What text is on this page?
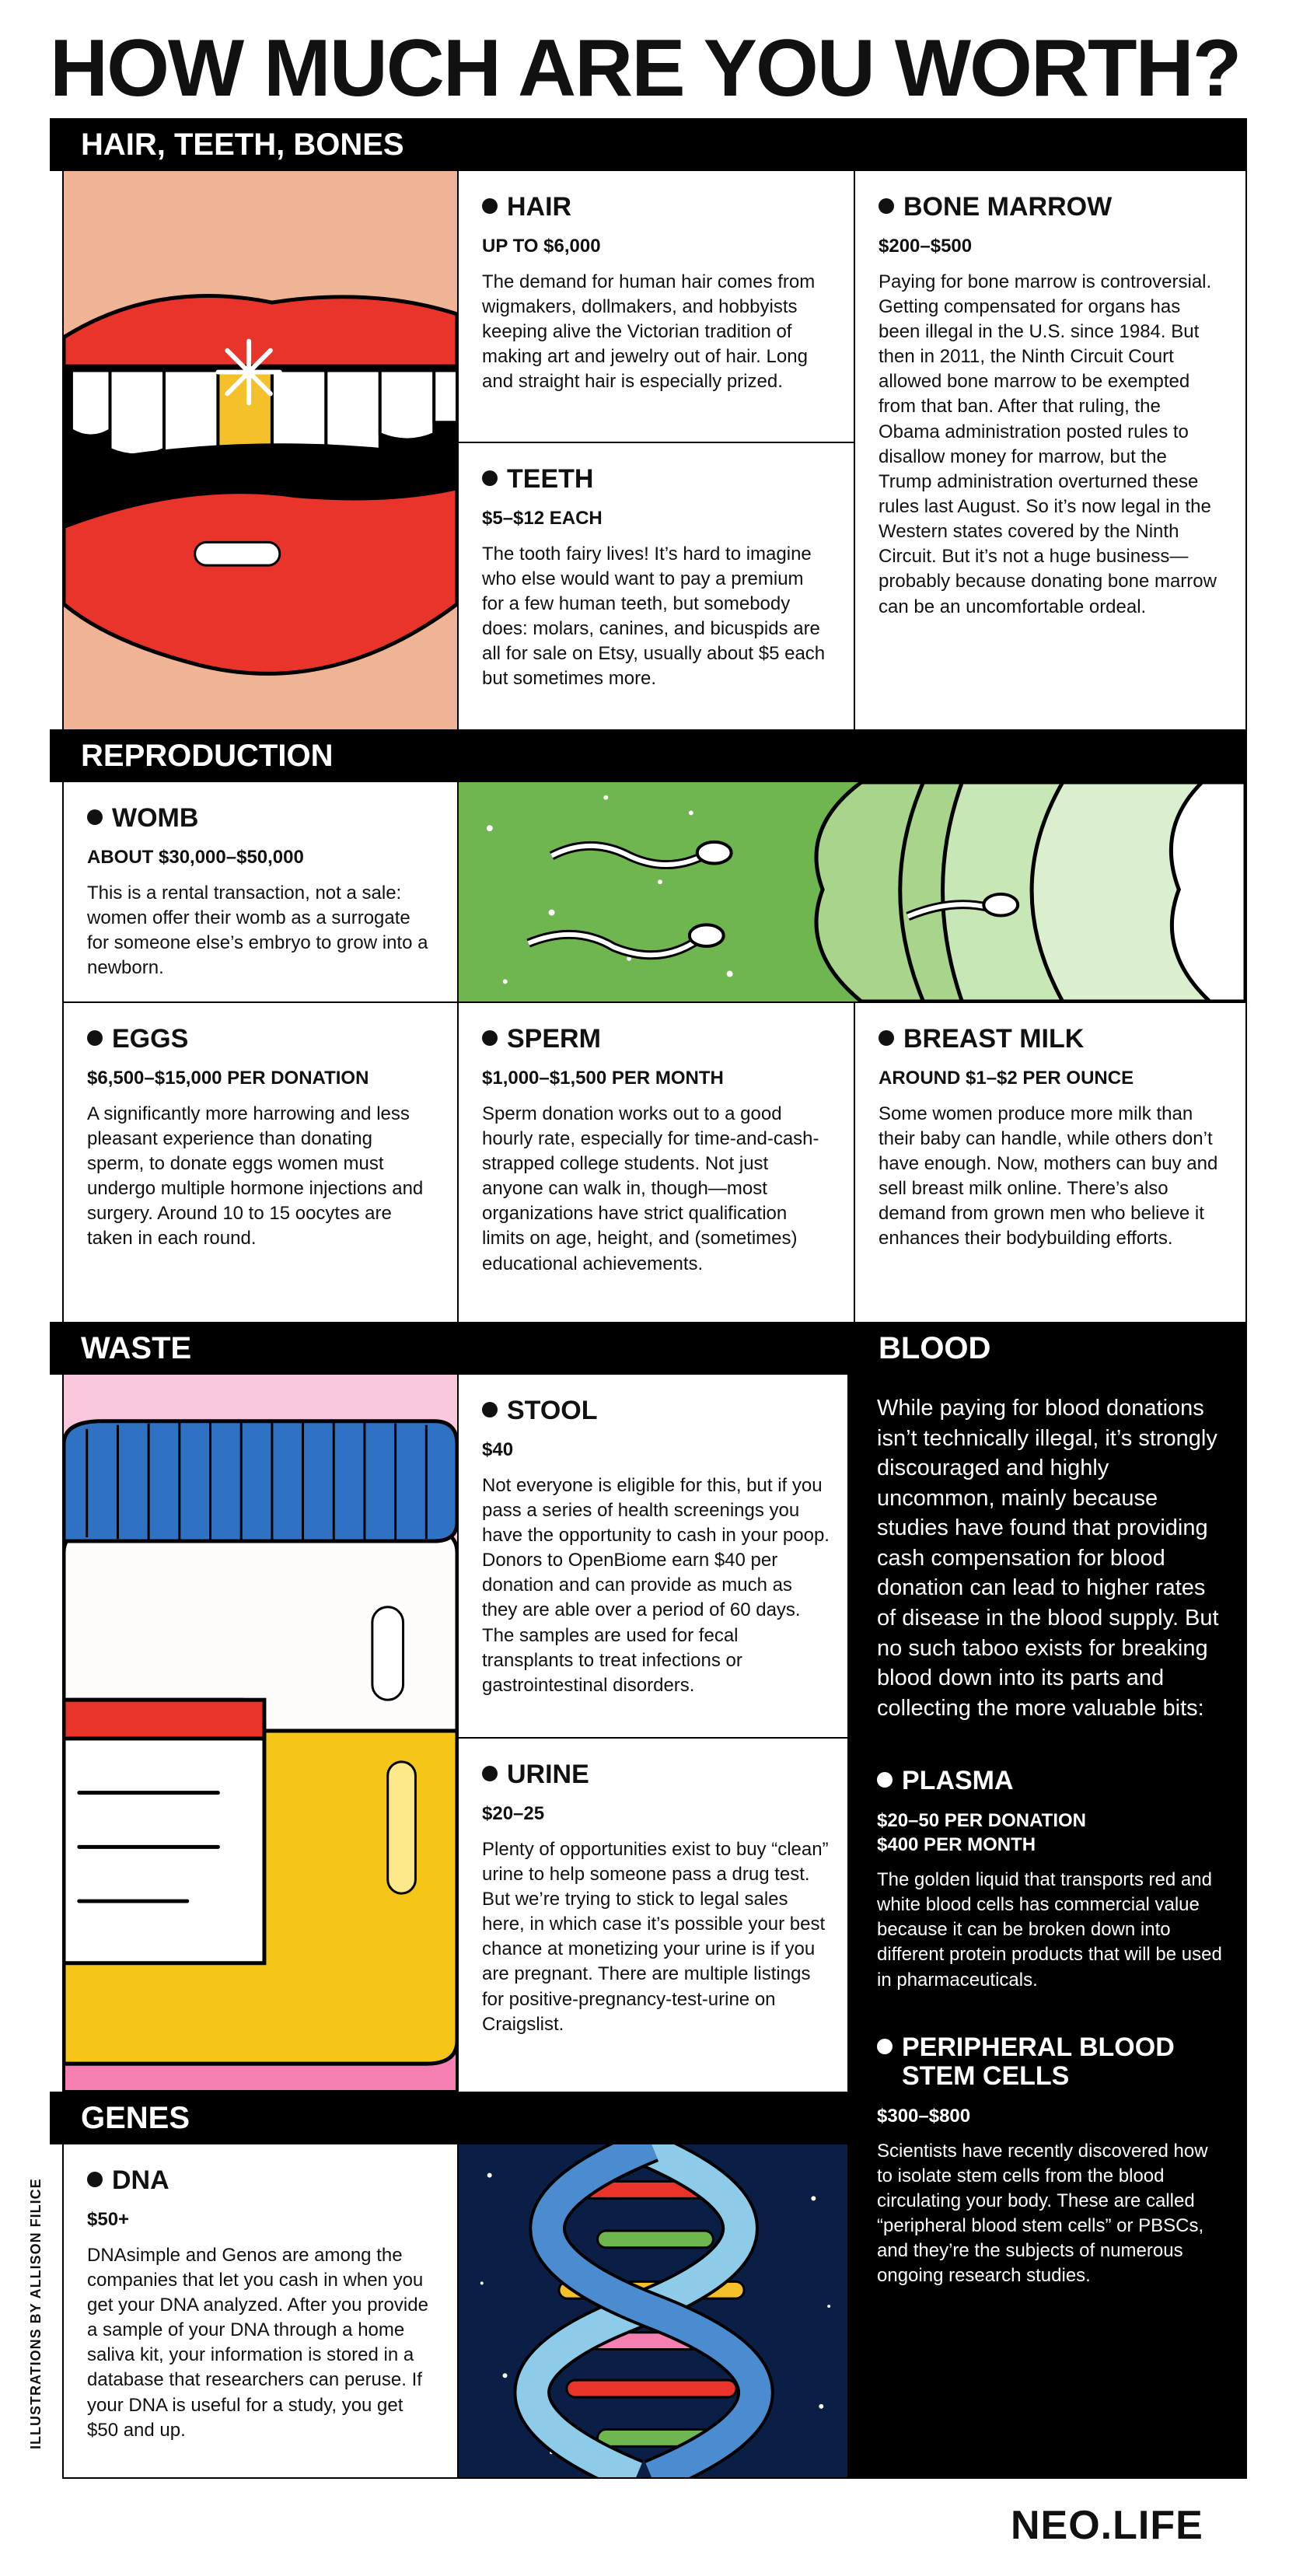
HOW MUCH ARE YOU WORTH?
HAIR, TEETH, BONES
REPRODUCTION
WASTE	BLOOD
GENES
HAIR
UP TO $6,000
The demand for human hair comes from wigmakers, dollmakers, and hobbyists keeping alive the Victorian tradition of making art and jewelry out of hair. Long and straight hair is especially prized.
TEETH
$5–$12 EACH
The tooth fairy lives! It’s hard to imagine who else would want to pay a premium for a few human teeth, but somebody does: molars, canines, and bicuspids are all for sale on Etsy, usually about $5 each but sometimes more.
BONE MARROW
$200–$500
Paying for bone marrow is controversial. Getting compensated for organs has been illegal in the U.S. since 1984. But then in 2011, the Ninth Circuit Court allowed bone marrow to be exempted from that ban. After that ruling, the Obama administration posted rules to disallow money for marrow, but the Trump administration overturned these rules last August. So it’s now legal in the Western states covered by the Ninth Circuit. But it’s not a huge business—probably because donating bone marrow can be an uncomfortable ordeal.
WOMB
ABOUT $30,000–$50,000
This is a rental transaction, not a sale: women offer their womb as a surrogate for someone else’s embryo to grow into a newborn.
EGGS
$6,500–$15,000 PER DONATION
A significantly more harrowing and less pleasant experience than donating sperm, to donate eggs women must undergo multiple hormone injections and surgery. Around 10 to 15 oocytes are taken in each round.
SPERM
$1,000–$1,500 PER MONTH
Sperm donation works out to a good hourly rate, especially for time-and-cash-strapped college students. Not just anyone can walk in, though—most organizations have strict qualification limits on age, height, and (sometimes) educational achievements.
BREAST MILK
AROUND $1–$2 PER OUNCE
Some women produce more milk than their baby can handle, while others don’t have enough. Now, mothers can buy and sell breast milk online. There’s also demand from grown men who believe it enhances their bodybuilding efforts.
STOOL
$40
Not everyone is eligible for this, but if you pass a series of health screenings you have the opportunity to cash in your poop. Donors to OpenBiome earn $40 per donation and can provide as much as they are able over a period of 60 days. The samples are used for fecal transplants to treat infections or gastrointestinal disorders.
URINE
$20–25
Plenty of opportunities exist to buy “clean” urine to help someone pass a drug test. But we’re trying to stick to legal sales here, in which case it’s possible your best chance at monetizing your urine is if you are pregnant. There are multiple listings for positive-pregnancy-test-urine on Craigslist.
While paying for blood donations isn’t technically illegal, it’s strongly discouraged and highly uncommon, mainly because studies have found that providing cash compensation for blood donation can lead to higher rates of disease in the blood supply. But no such taboo exists for breaking blood down into its parts and collecting the more valuable bits:
PLASMA
$20–50 PER DONATION
$400 PER MONTH
The golden liquid that transports red and white blood cells has commercial value because it can be broken down into different protein products that will be used in pharmaceuticals.
PERIPHERAL BLOOD STEM CELLS
$300–$800
Scientists have recently discovered how to isolate stem cells from the blood circulating your body. These are called “peripheral blood stem cells” or PBSCs, and they’re the subjects of numerous ongoing research studies.
DNA
$50+
DNAsimple and Genos are among the companies that let you cash in when you get your DNA analyzed. After you provide a sample of your DNA through a home saliva kit, your information is stored in a database that researchers can peruse. If your DNA is useful for a study, you get $50 and up.
ILLUSTRATIONS BY ALLISON FILICE
NEO.LIFE
